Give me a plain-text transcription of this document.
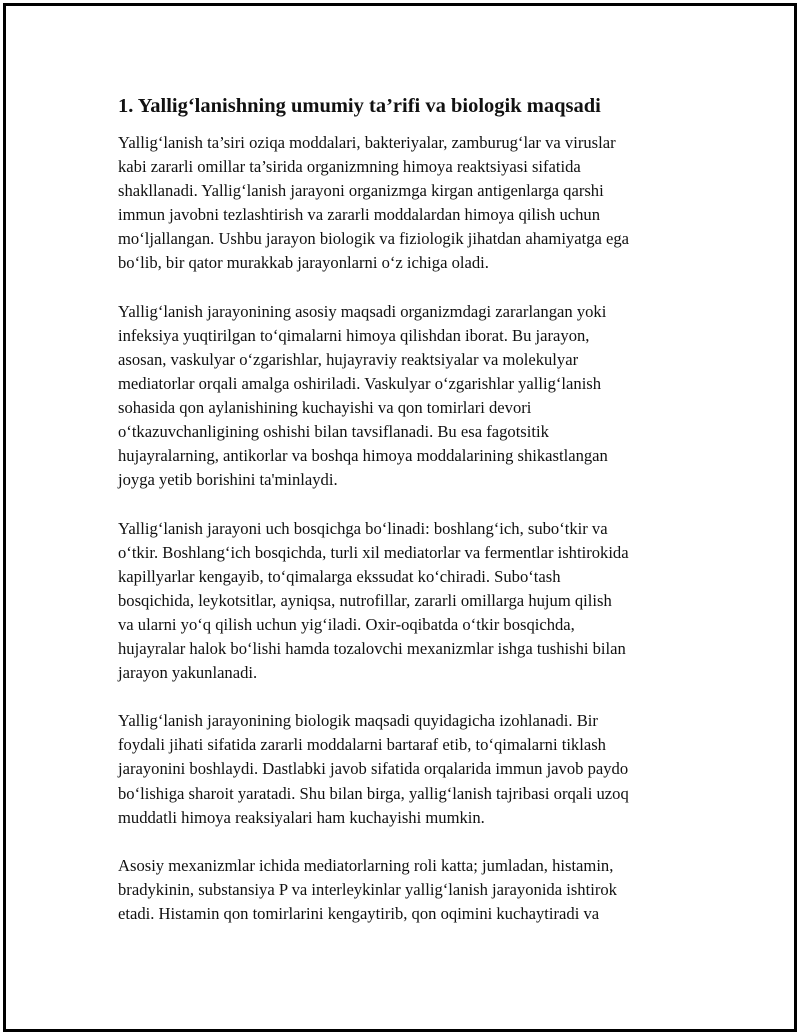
1. Yallig‘lanishning umumiy ta’rifi va biologik maqsadi
Yallig‘lanish ta’siri oziqa moddalari, bakteriyalar, zamburug‘lar va viruslar
kabi zararli omillar ta’sirida organizmning himoya reaktsiyasi sifatida
shakllanadi. Yallig‘lanish jarayoni organizmga kirgan antigenlarga qarshi
immun javobni tezlashtirish va zararli moddalardan himoya qilish uchun
mo‘ljallangan. Ushbu jarayon biologik va fiziologik jihatdan ahamiyatga ega
bo‘lib, bir qator murakkab jarayonlarni o‘z ichiga oladi.
Yallig‘lanish jarayonining asosiy maqsadi organizmdagi zararlangan yoki
infeksiya yuqtirilgan to‘qimalarni himoya qilishdan iborat. Bu jarayon,
asosan, vaskulyar o‘zgarishlar, hujayraviy reaktsiyalar va molekulyar
mediatorlar orqali amalga oshiriladi. Vaskulyar o‘zgarishlar yallig‘lanish
sohasida qon aylanishining kuchayishi va qon tomirlari devori
o‘tkazuvchanligining oshishi bilan tavsiflanadi. Bu esa fagotsitik
hujayralarning, antikorlar va boshqa himoya moddalarining shikastlangan
joyga yetib borishini ta'minlaydi.
Yallig‘lanish jarayoni uch bosqichga bo‘linadi: boshlang‘ich, subo‘tkir va
o‘tkir. Boshlang‘ich bosqichda, turli xil mediatorlar va fermentlar ishtirokida
kapillyarlar kengayib, to‘qimalarga ekssudat ko‘chiradi. Subo‘tash
bosqichida, leykotsitlar, ayniqsa, nutrofillar, zararli omillarga hujum qilish
va ularni yo‘q qilish uchun yig‘iladi. Oxir-oqibatda o‘tkir bosqichda,
hujayralar halok bo‘lishi hamda tozalovchi mexanizmlar ishga tushishi bilan
jarayon yakunlanadi.
Yallig‘lanish jarayonining biologik maqsadi quyidagicha izohlanadi. Bir
foydali jihati sifatida zararli moddalarni bartaraf etib, to‘qimalarni tiklash
jarayonini boshlaydi. Dastlabki javob sifatida orqalarida immun javob paydo
bo‘lishiga sharoit yaratadi. Shu bilan birga, yallig‘lanish tajribasi orqali uzoq
muddatli himoya reaksiyalari ham kuchayishi mumkin.
Asosiy mexanizmlar ichida mediatorlarning roli katta; jumladan, histamin,
bradykinin, substansiya P va interleykinlar yallig‘lanish jarayonida ishtirok
etadi. Histamin qon tomirlarini kengaytirib, qon oqimini kuchaytiradi va
